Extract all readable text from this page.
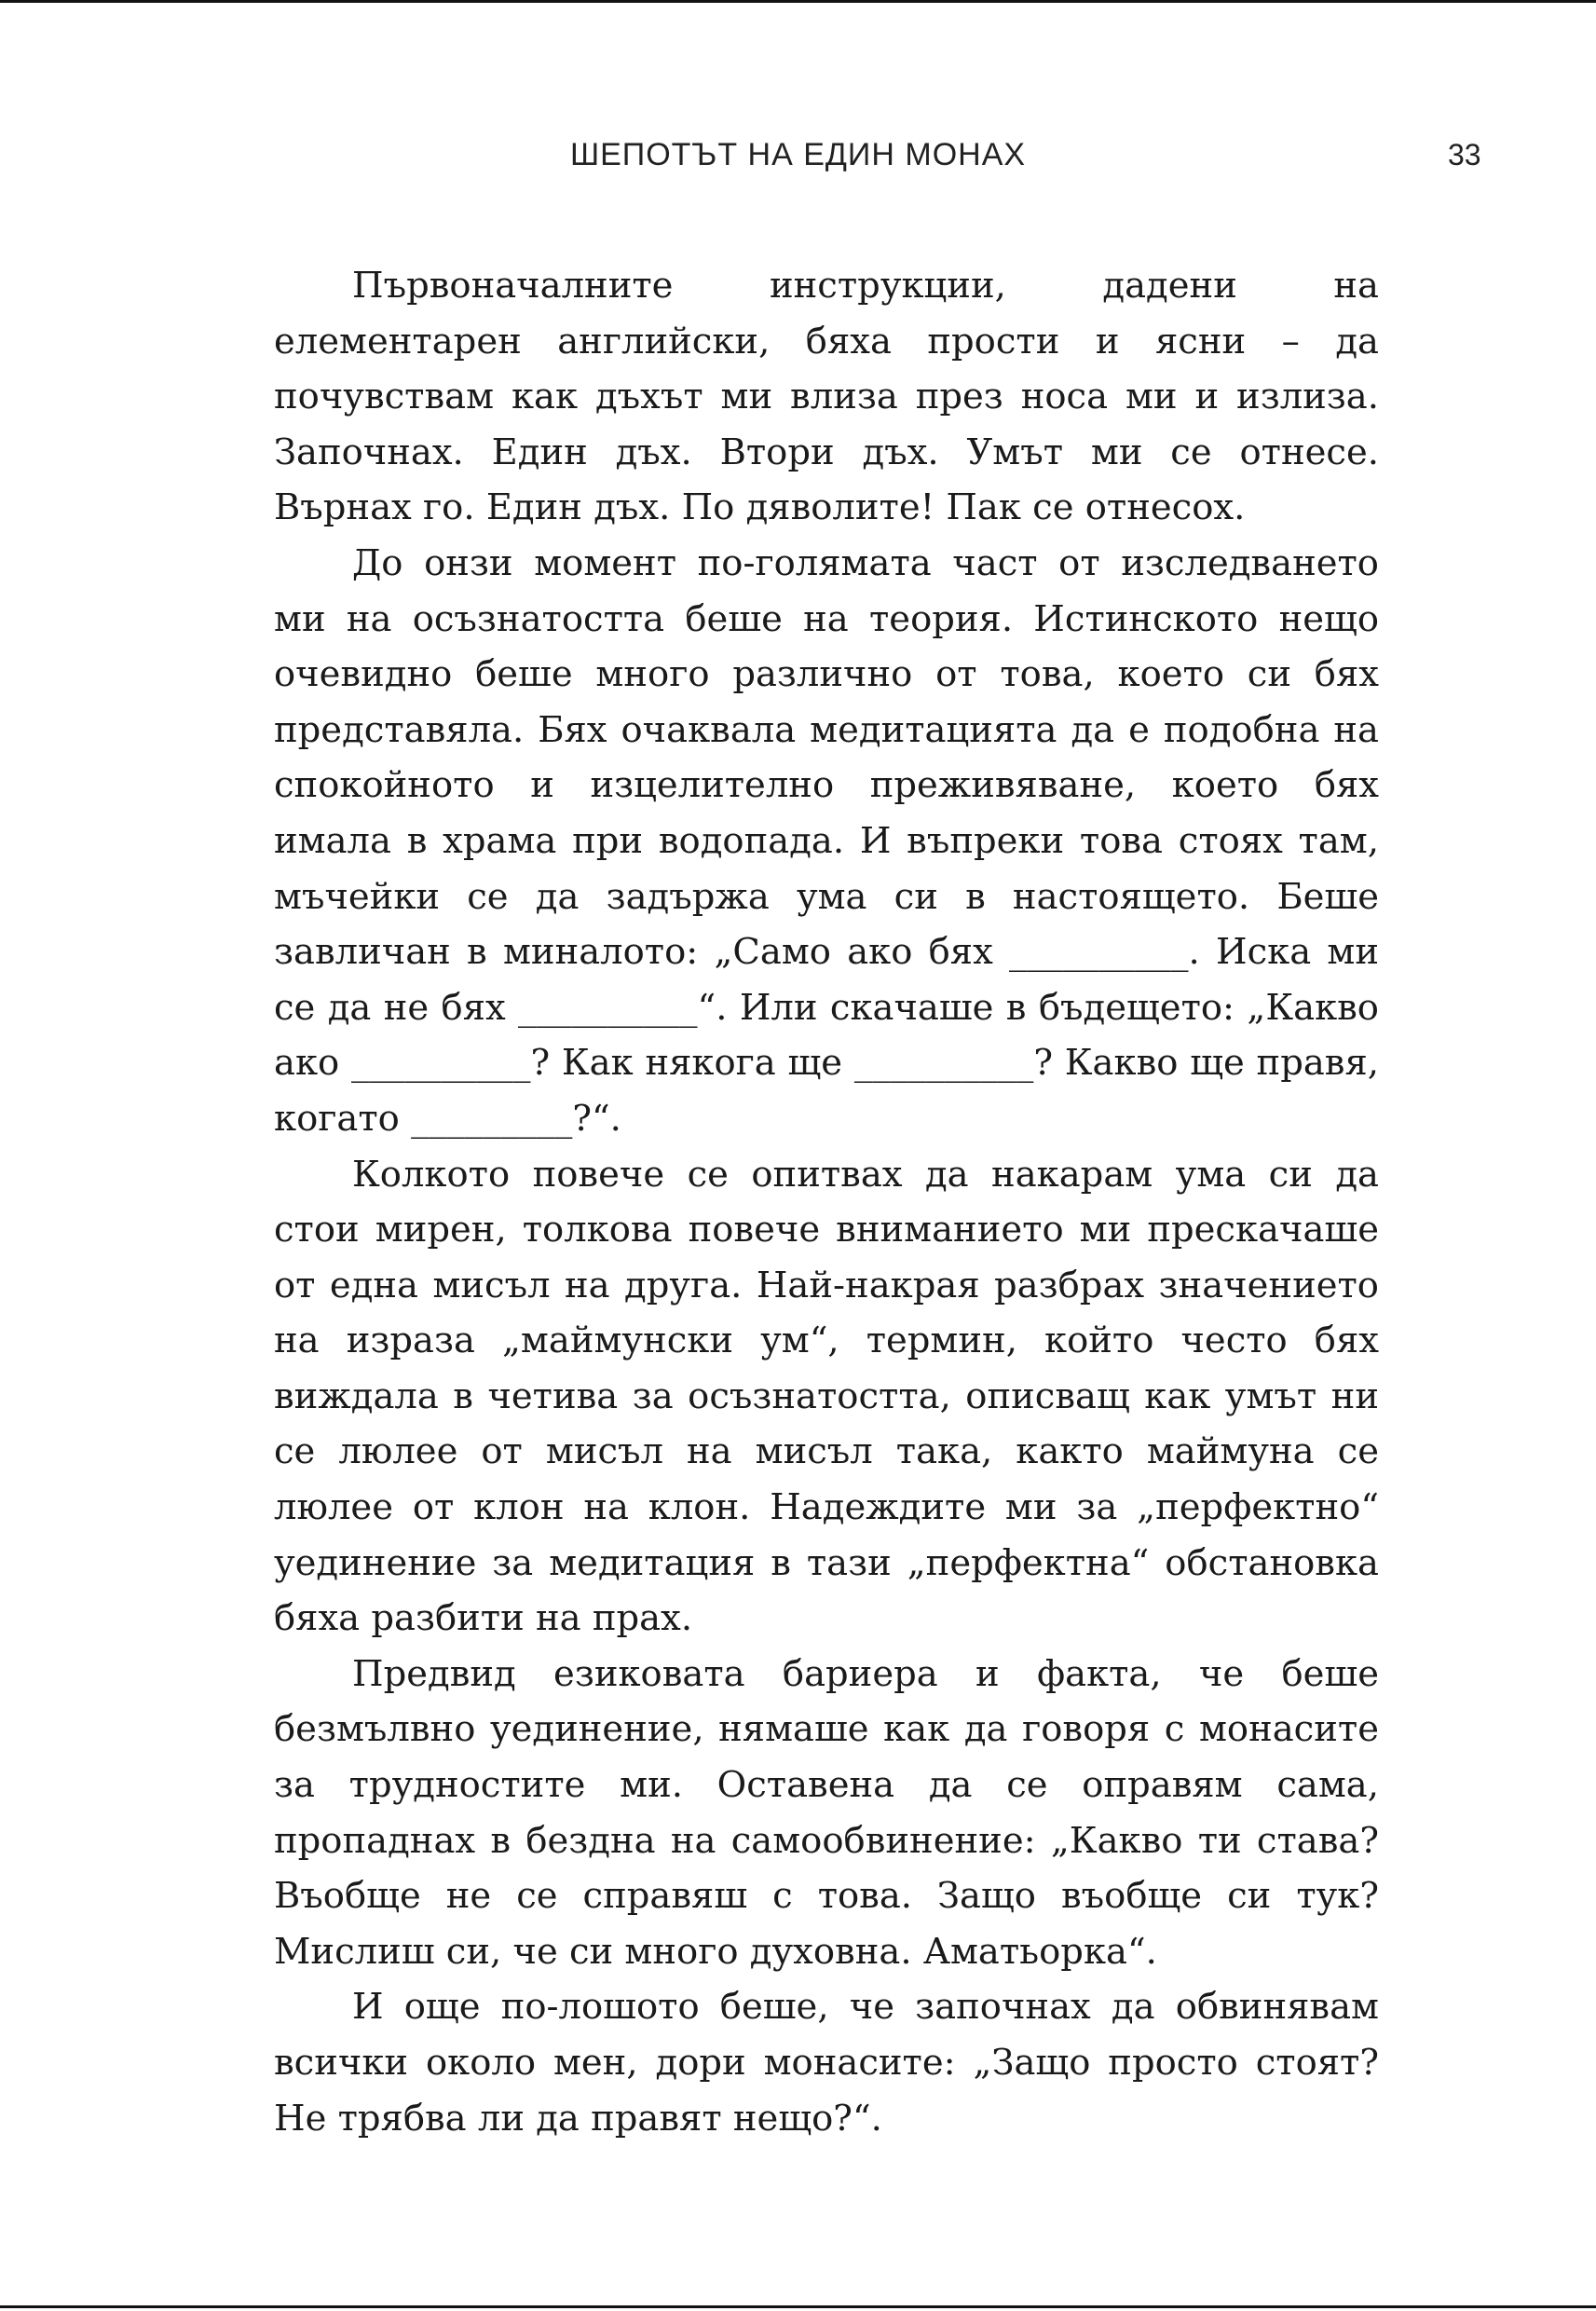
ШЕПОТЪТ НА ЕДИН МОНАХ	33

Първоначалните инструкции, дадени на елементарен английски, бяха прости и ясни – да почувствам как дъхът ми влиза през носа ми и излиза. Започнах. Един дъх. Втори дъх. Умът ми се отнесе. Върнах го. Един дъх. По дяволите! Пак се отнесох.

До онзи момент по-голямата част от изследването ми на осъзнатостта беше на теория. Истинското нещо очевидно беше много различно от това, което си бях представяла. Бях очаквала медитацията да е подобна на спокойното и изцелително преживяване, което бях имала в храма при водопада. И въпреки това стоях там, мъчейки се да задържа ума си в настоящето. Беше завличан в миналото: „Само ако бях __________. Иска ми се да не бях __________“. Или скачаше в бъдещето: „Какво ако __________? Как някога ще __________? Какво ще правя, когато _________?“.

Колкото повече се опитвах да накарам ума си да стои мирен, толкова повече вниманието ми прескачаше от една мисъл на друга. Най-накрая разбрах значението на израза „маймунски ум“, термин, който често бях виждала в четива за осъзнатостта, описващ как умът ни се люлее от мисъл на мисъл така, както маймуна се люлее от клон на клон. Надеждите ми за „перфектно“ уединение за медитация в тази „перфектна“ обстановка бяха разбити на прах.

Предвид езиковата бариера и факта, че беше безмълвно уединение, нямаше как да говоря с монасите за трудностите ми. Оставена да се оправям сама, пропаднах в бездна на самообвинение: „Какво ти става? Въобще не се справяш с това. Защо въобще си тук? Мислиш си, че си много духовна. Аматьорка“.

И още по-лошото беше, че започнах да обвинявам всички около мен, дори монасите: „Защо просто стоят? Не трябва ли да правят нещо?“.
